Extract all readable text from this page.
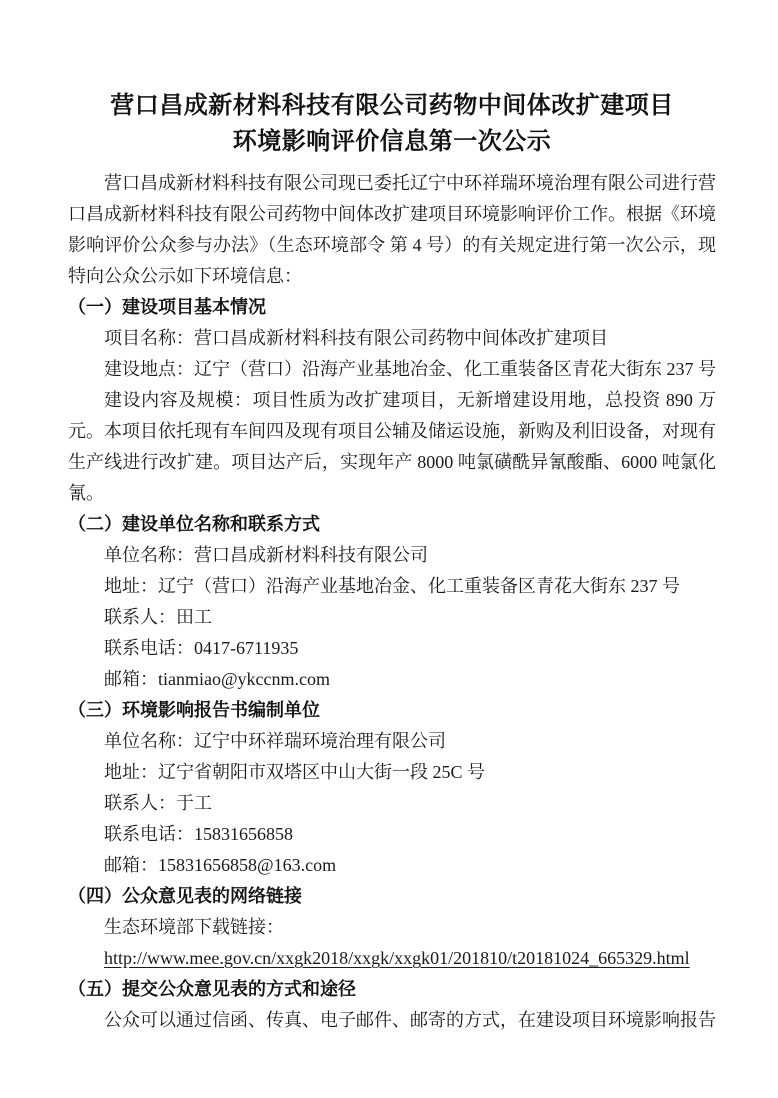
营口昌成新材料科技有限公司药物中间体改扩建项目
环境影响评价信息第一次公示

营口昌成新材料科技有限公司现已委托辽宁中环祥瑞环境治理有限公司进行营口昌成新材料科技有限公司药物中间体改扩建项目环境影响评价工作。根据《环境影响评价公众参与办法》（生态环境部令 第 4 号）的有关规定进行第一次公示，现特向公众公示如下环境信息：

（一）建设项目基本情况
项目名称：营口昌成新材料科技有限公司药物中间体改扩建项目
建设地点：辽宁（营口）沿海产业基地冶金、化工重装备区青花大街东 237 号

建设内容及规模：项目性质为改扩建项目，无新增建设用地，总投资 890 万元。本项目依托现有车间四及现有项目公辅及储运设施，新购及利旧设备，对现有生产线进行改扩建。项目达产后，实现年产 8000 吨氯磺酰异氰酸酯、6000 吨氯化氰。

（二）建设单位名称和联系方式
单位名称：营口昌成新材料科技有限公司
地址：辽宁（营口）沿海产业基地冶金、化工重装备区青花大街东 237 号
联系人：田工
联系电话：0417-6711935
邮箱：tianmiao@ykccnm.com
（三）环境影响报告书编制单位
单位名称：辽宁中环祥瑞环境治理有限公司
地址：辽宁省朝阳市双塔区中山大街一段 25C 号
联系人：于工
联系电话：15831656858
邮箱：15831656858@163.com
（四）公众意见表的网络链接
生态环境部下载链接：
http://www.mee.gov.cn/xxgk2018/xxgk/xxgk01/201810/t20181024_665329.html
（五）提交公众意见表的方式和途径

公众可以通过信函、传真、电子邮件、邮寄的方式，在建设项目环境影响报告
